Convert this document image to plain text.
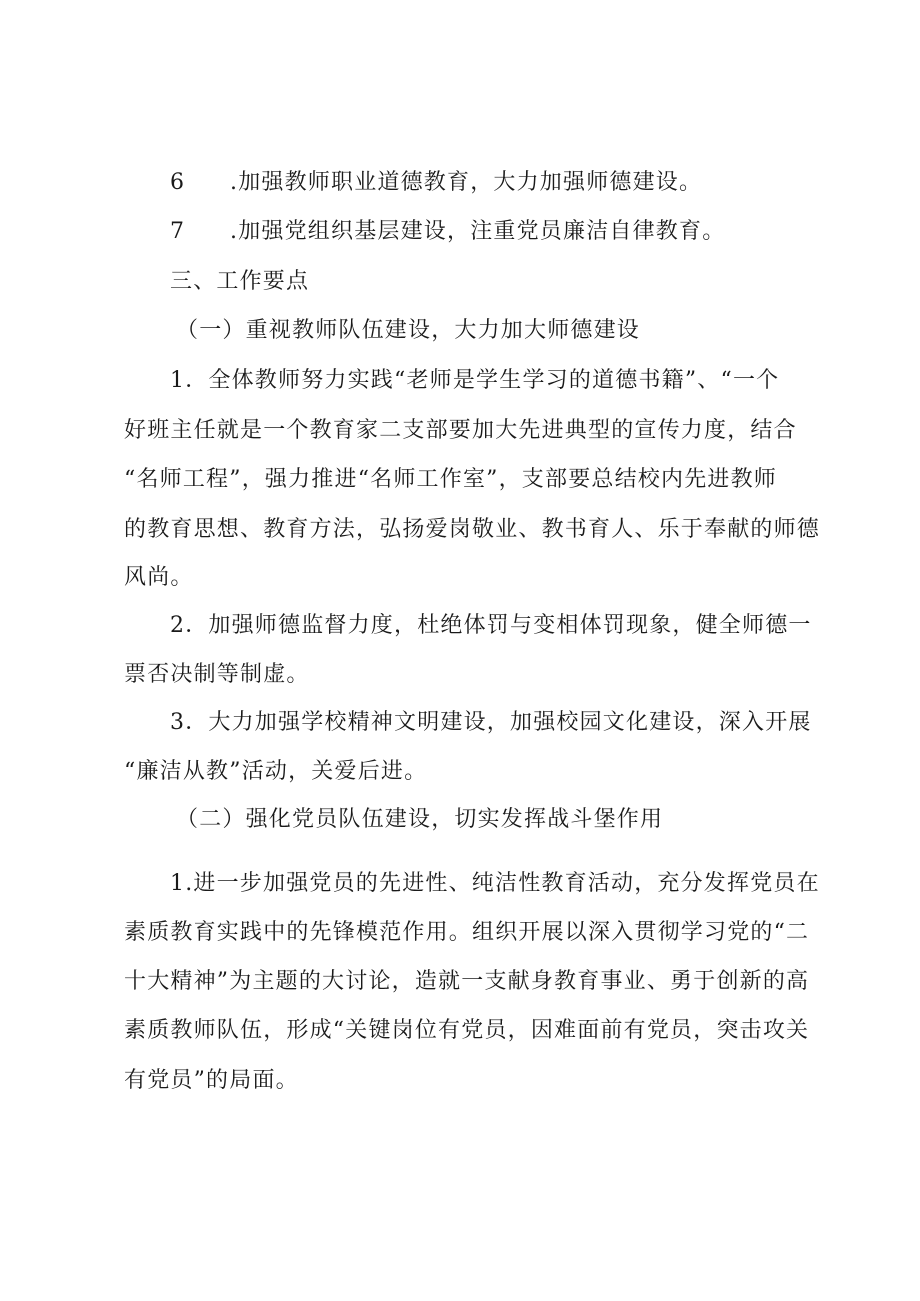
6 .加强教师职业道德教育，大力加强师德建设。
7 .加强党组织基层建设，注重党员廉洁自律教育。
三、工作要点
（一）重视教师队伍建设，大力加大师德建设
1．全体教师努力实践“老师是学生学习的道德书籍”、“一个
好班主任就是一个教育家二支部要加大先进典型的宣传力度，结合
“名师工程”，强力推进“名师工作室”，支部要总结校内先进教师
的教育思想、教育方法，弘扬爱岗敬业、教书育人、乐于奉献的师德
风尚。
2．加强师德监督力度，杜绝体罚与变相体罚现象，健全师德一
票否决制等制虚。
3．大力加强学校精神文明建设，加强校园文化建设，深入开展
“廉洁从教”活动，关爱后进。
（二）强化党员队伍建设，切实发挥战斗堡作用
1.进一步加强党员的先进性、纯洁性教育活动，充分发挥党员在
素质教育实践中的先锋模范作用。组织开展以深入贯彻学习党的“二
十大精神”为主题的大讨论，造就一支献身教育事业、勇于创新的高
素质教师队伍，形成“关键岗位有党员，因难面前有党员，突击攻关
有党员”的局面。
